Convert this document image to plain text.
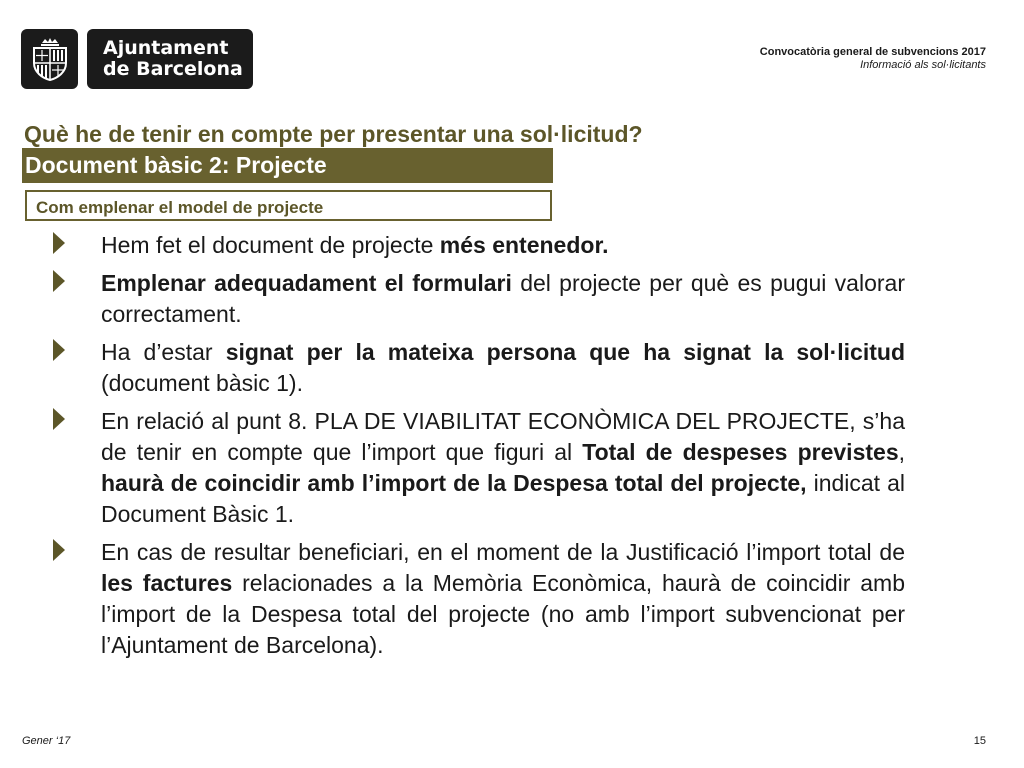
Ajuntament
de Barcelona
Convocatòria general de subvencions 2017
Informació als sol·licitants
Què he de tenir en compte per presentar una sol·licitud?
Document bàsic 2: Projecte
Com emplenar el model de projecte
Hem fet el document de projecte més entenedor.
Emplenar adequadament el formulari del projecte per què es pugui valorar correctament.
Ha d’estar signat per la mateixa persona que ha signat la sol·licitud (document bàsic 1).
En relació al punt 8. PLA DE VIABILITAT ECONÒMICA DEL PROJECTE, s’ha de tenir en compte que l’import que figuri al Total de despeses previstes, haurà de coincidir amb l’import de la Despesa total del projecte, indicat al Document Bàsic 1.
En cas de resultar beneficiari, en el moment de la Justificació l’import total de les factures relacionades a la Memòria Econòmica, haurà de coincidir amb l’import de la Despesa total del projecte (no amb l’import subvencionat per l’Ajuntament de Barcelona).
Gener ‘17	15
